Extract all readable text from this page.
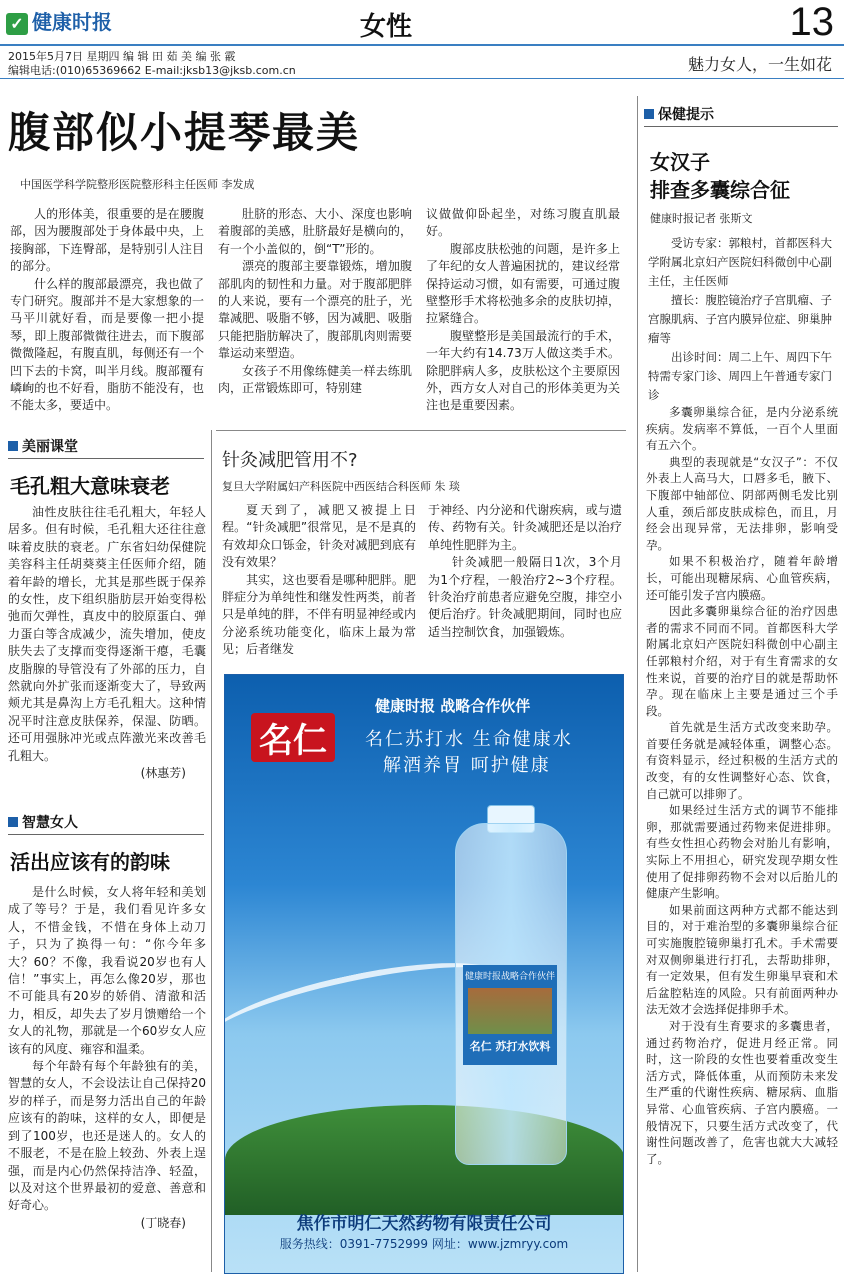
✓ 健康时报	女性	13
2015年5月7日 星期四 编 辑 田 茹 美 编 张 霰
编辑电话:(010)65369662 E-mail:jksb13@jksb.com.cn	魅力女人，一生如花
腹部似小提琴最美
中国医学科学院整形医院整形科主任医师 李发成

人的形体美，很重要的是在腰腹部，因为腰腹部处于身体最中央，上接胸部，下连臀部，是特别引人注目的部分。

什么样的腹部最漂亮，我也做了专门研究。腹部并不是大家想象的一马平川就好看，而是要像一把小提琴，即上腹部微微往进去，而下腹部微微隆起，有腹直肌，每侧还有一个凹下去的卡窝，叫半月线。腹部覆有嶙峋的也不好看，脂肪不能没有，也不能太多，要适中。

肚脐的形态、大小、深度也影响着腹部的美感，肚脐最好是横向的，有一个小盖似的，倒“T”形的。

漂亮的腹部主要靠锻炼，增加腹部肌肉的韧性和力量。对于腹部肥胖的人来说，要有一个漂亮的肚子，光靠减肥、吸脂不够，因为减肥、吸脂只能把脂肪解决了，腹部肌肉则需要靠运动来塑造。

女孩子不用像练健美一样去练肌肉，正常锻炼即可，特别建

议做做仰卧起坐，对练习腹直肌最好。

腹部皮肤松弛的问题，是许多上了年纪的女人普遍困扰的，建议经常保持运动习惯，如有需要，可通过腹壁整形手术将松弛多余的皮肤切掉，拉紧缝合。

腹壁整形是美国最流行的手术，一年大约有14.73万人做这类手术。除肥胖病人多，皮肤松这个主要原因外，西方女人对自己的形体美更为关注也是重要因素。

针灸减肥管用不?
复旦大学附属妇产科医院中西医结合科医师 朱 琰

夏天到了，减肥又被提上日程。“针灸减肥”很常见，是不是真的有效却众口铄金，针灸对减肥到底有没有效果？

其实，这也要看是哪种肥胖。肥胖症分为单纯性和继发性两类，前者只是单纯的胖，不伴有明显神经或内分泌系统功能变化，临床上最为常见；后者继发

于神经、内分泌和代谢疾病，或与遗传、药物有关。针灸减肥还是以治疗单纯性肥胖为主。

针灸减肥一般隔日1次，3个月为1个疗程，一般治疗2~3个疗程。针灸治疗前患者应避免空腹，排空小便后治疗。针灸减肥期间，同时也应适当控制饮食，加强锻炼。

美丽课堂
毛孔粗大意味衰老

油性皮肤往往毛孔粗大，年轻人居多。但有时候，毛孔粗大还往往意味着皮肤的衰老。广东省妇幼保健院美容科主任胡葵葵主任医师介绍，随着年龄的增长，尤其是那些既于保养的女性，皮下组织脂肪层开始变得松弛而欠弹性，真皮中的胶原蛋白、弹力蛋白等含成减少，流失增加，使皮肤失去了支撑而变得逐渐干瘪，毛囊皮脂腺的导管没有了外部的压力，自然就向外扩张而逐渐变大了，导致两颊尤其是鼻沟上方毛孔粗大。这种情况平时注意皮肤保养，保湿、防晒。还可用强脉冲光或点阵激光来改善毛孔粗大。

(林惠芳)
智慧女人
活出应该有的韵味

是什么时候，女人将年轻和美划成了等号？于是，我们看见许多女人，不惜金钱，不惜在身体上动刀子，只为了换得一句：“你今年多大？60？不像，我看说20岁也有人信！”事实上，再怎么像20岁，那也不可能具有20岁的娇俏、清澈和活力，相反，却失去了岁月馈赠给一个女人的礼物，那就是一个60岁女人应该有的风度、雍容和温柔。

每个年龄有每个年龄独有的美，智慧的女人，不会设法让自己保持20岁的样子，而是努力活出自己的年龄应该有的韵味，这样的女人，即便是到了100岁，也还是迷人的。女人的不服老，不是在脸上较劲、外表上逞强，而是内心仍然保持洁净、轻盈，以及对这个世界最初的爱意、善意和好奇心。

(丁晓春)
健康时报 战略合作伙伴
名仁	名仁苏打水 生命健康水
解酒养胃 呵护健康
健康时报战略合作伙伴
名仁 苏打水饮料
焦作市明仁天然药物有限责任公司
服务热线：0391-7752999 网址：www.jzmryy.com
保健提示
女汉子
排查多囊综合征
健康时报记者 张斯文

受访专家：郭粮村，首都医科大学附属北京妇产医院妇科微创中心副主任，主任医师

擅长：腹腔镜治疗子宫肌瘤、子宫腺肌病、子宫内膜异位症、卵巢肿瘤等

出诊时间：周二上午、周四下午特需专家门诊、周四上午普通专家门诊

多囊卵巢综合征，是内分泌系统疾病。发病率不算低，一百个人里面有五六个。

典型的表现就是“女汉子”：不仅外表上人高马大，口唇多毛，腋下、下腹部中轴部位、阴部两侧毛发比别人重，颈后部皮肤成棕色，而且，月经会出现异常，无法排卵，影响受孕。

如果不积极治疗，随着年龄增长，可能出现糖尿病、心血管疾病，还可能引发子宫内膜癌。

因此多囊卵巢综合征的治疗因患者的需求不同而不同。首都医科大学附属北京妇产医院妇科微创中心副主任郭粮村介绍，对于有生育需求的女性来说，首要的治疗目的就是帮助怀孕。现在临床上主要是通过三个手段。

首先就是生活方式改变来助孕。首要任务就是减轻体重，调整心态。有资料显示，经过积极的生活方式的改变，有的女性调整好心态、饮食，自己就可以排卵了。

如果经过生活方式的调节不能排卵，那就需要通过药物来促进排卵。有些女性担心药物会对胎儿有影响，实际上不用担心，研究发现孕期女性使用了促排卵药物不会对以后胎儿的健康产生影响。

如果前面这两种方式都不能达到目的，对于难治型的多囊卵巢综合征可实施腹腔镜卵巢打孔术。手术需要对双侧卵巢进行打孔，去帮助排卵，有一定效果，但有发生卵巢早衰和术后盆腔粘连的风险。只有前面两种办法无效才会选择促排卵手术。

对于没有生育要求的多囊患者，通过药物治疗，促进月经正常。同时，这一阶段的女性也要着重改变生活方式，降低体重，从而预防未来发生严重的代谢性疾病、糖尿病、血脂异常、心血管疾病、子宫内膜癌。一般情况下，只要生活方式改变了，代谢性问题改善了，危害也就大大减轻了。
